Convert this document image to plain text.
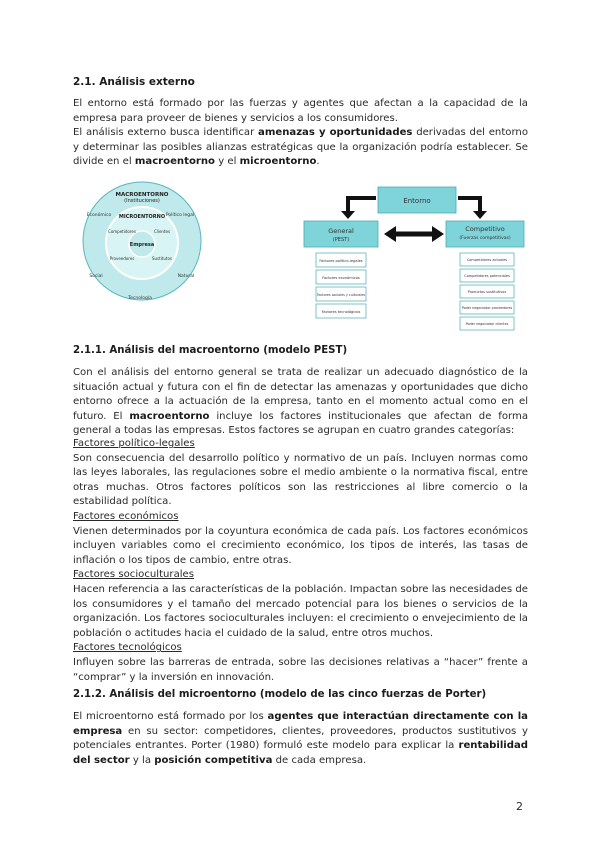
2.1. Análisis externo

El entorno está formado por las fuerzas y agentes que afectan a la capacidad de la empresa para proveer de bienes y servicios a los consumidores.

El análisis externo busca identificar amenazas y oportunidades derivadas del entorno y determinar las posibles alianzas estratégicas que la organización podría establecer. Se divide en el macroentorno y el microentorno.

MACROENTORNO
(Instituciones)
MICROENTORNO
Empresa
Tecnología
Político legal
Competidores	Clientes
Proveedores	Sustitutos
Social	Natural
Económico
Entorno
General
(PEST)
Competitivo
(Fuerzas competitivas)
Factores político-legales
Factores económicos
Factores sociales y culturales
Factores tecnológicos
Competidores actuales
Competidores potenciales
Productos sustitutivos
Poder negociador proveedores
Poder negociador clientes
2.1.1. Análisis del macroentorno (modelo PEST)

Con el análisis del entorno general se trata de realizar un adecuado diagnóstico de la situación actual y futura con el fin de detectar las amenazas y oportunidades que dicho entorno ofrece a la actuación de la empresa, tanto en el momento actual como en el futuro. El macroentorno incluye los factores institucionales que afectan de forma general a todas las empresas. Estos factores se agrupan en cuatro grandes categorías:

Factores político-legales
Son consecuencia del desarrollo político y normativo de un país. Incluyen normas como las leyes laborales, las regulaciones sobre el medio ambiente o la normativa fiscal, entre otras muchas. Otros factores políticos son las restricciones al libre comercio o la estabilidad política.
Factores económicos
Vienen determinados por la coyuntura económica de cada país. Los factores económicos incluyen variables como el crecimiento económico, los tipos de interés, las tasas de inflación o los tipos de cambio, entre otras.
Factores socioculturales
Hacen referencia a las características de la población. Impactan sobre las necesidades de los consumidores y el tamaño del mercado potencial para los bienes o servicios de la organización. Los factores socioculturales incluyen: el crecimiento o envejecimiento de la población o actitudes hacia el cuidado de la salud, entre otros muchos.
Factores tecnológicos
Influyen sobre las barreras de entrada, sobre las decisiones relativas a “hacer” frente a “comprar” y la inversión en innovación.
2.1.2. Análisis del microentorno (modelo de las cinco fuerzas de Porter)

El microentorno está formado por los agentes que interactúan directamente con la empresa en su sector: competidores, clientes, proveedores, productos sustitutivos y potenciales entrantes. Porter (1980) formuló este modelo para explicar la rentabilidad del sector y la posición competitiva de cada empresa.

2
